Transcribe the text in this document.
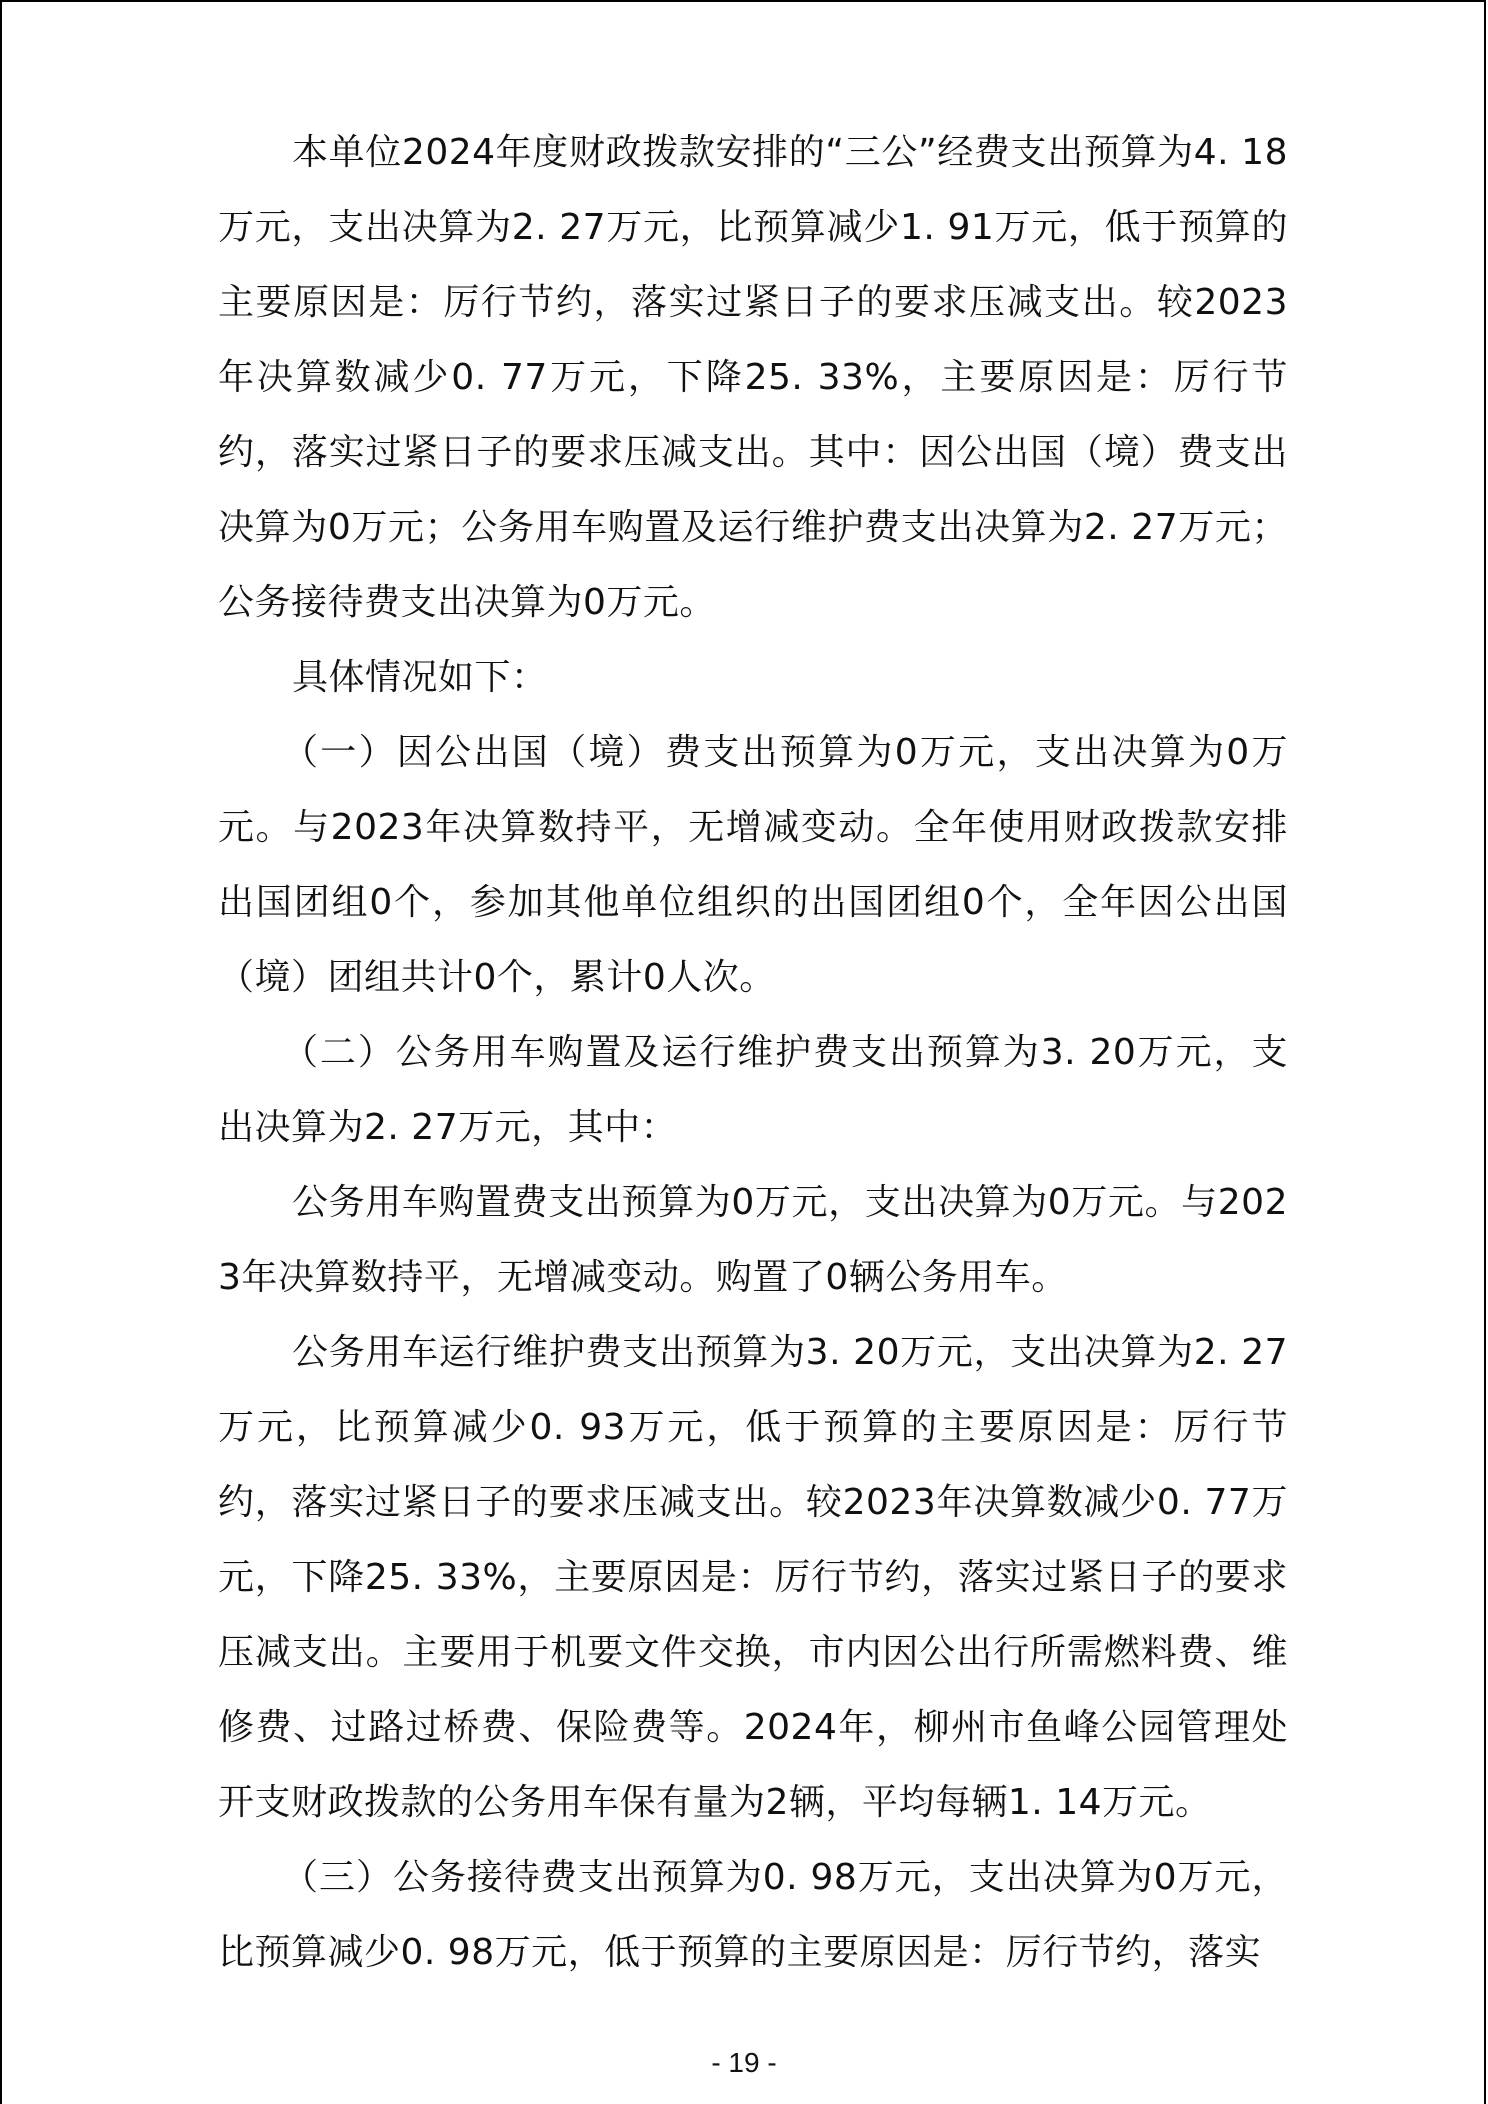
本单位2024年度财政拨款安排的“三公”经费支出预算为4. 18万元，支出决算为2. 27万元，比预算减少1. 91万元，低于预算的主要原因是：厉行节约，落实过紧日子的要求压减支出。较2023年决算数减少0. 77万元，下降25. 33%，主要原因是：厉行节约，落实过紧日子的要求压减支出。其中：因公出国（境）费支出决算为0万元；公务用车购置及运行维护费支出决算为2. 27万元；公务接待费支出决算为0万元。

具体情况如下：

（一）因公出国（境）费支出预算为0万元，支出决算为0万元。与2023年决算数持平，无增减变动。全年使用财政拨款安排出国团组0个，参加其他单位组织的出国团组0个，全年因公出国（境）团组共计0个，累计0人次。

（二）公务用车购置及运行维护费支出预算为3. 20万元，支出决算为2. 27万元，其中：

公务用车购置费支出预算为0万元，支出决算为0万元。与2023年决算数持平，无增减变动。购置了0辆公务用车。

公务用车运行维护费支出预算为3. 20万元，支出决算为2. 27万元，比预算减少0. 93万元，低于预算的主要原因是：厉行节约，落实过紧日子的要求压减支出。较2023年决算数减少0. 77万元，下降25. 33%，主要原因是：厉行节约，落实过紧日子的要求压减支出。主要用于机要文件交换，市内因公出行所需燃料费、维修费、过路过桥费、保险费等。2024年，柳州市鱼峰公园管理处开支财政拨款的公务用车保有量为2辆，平均每辆1. 14万元。

（三）公务接待费支出预算为0. 98万元，支出决算为0万元，比预算减少0. 98万元，低于预算的主要原因是：厉行节约，落实

- 19 -
